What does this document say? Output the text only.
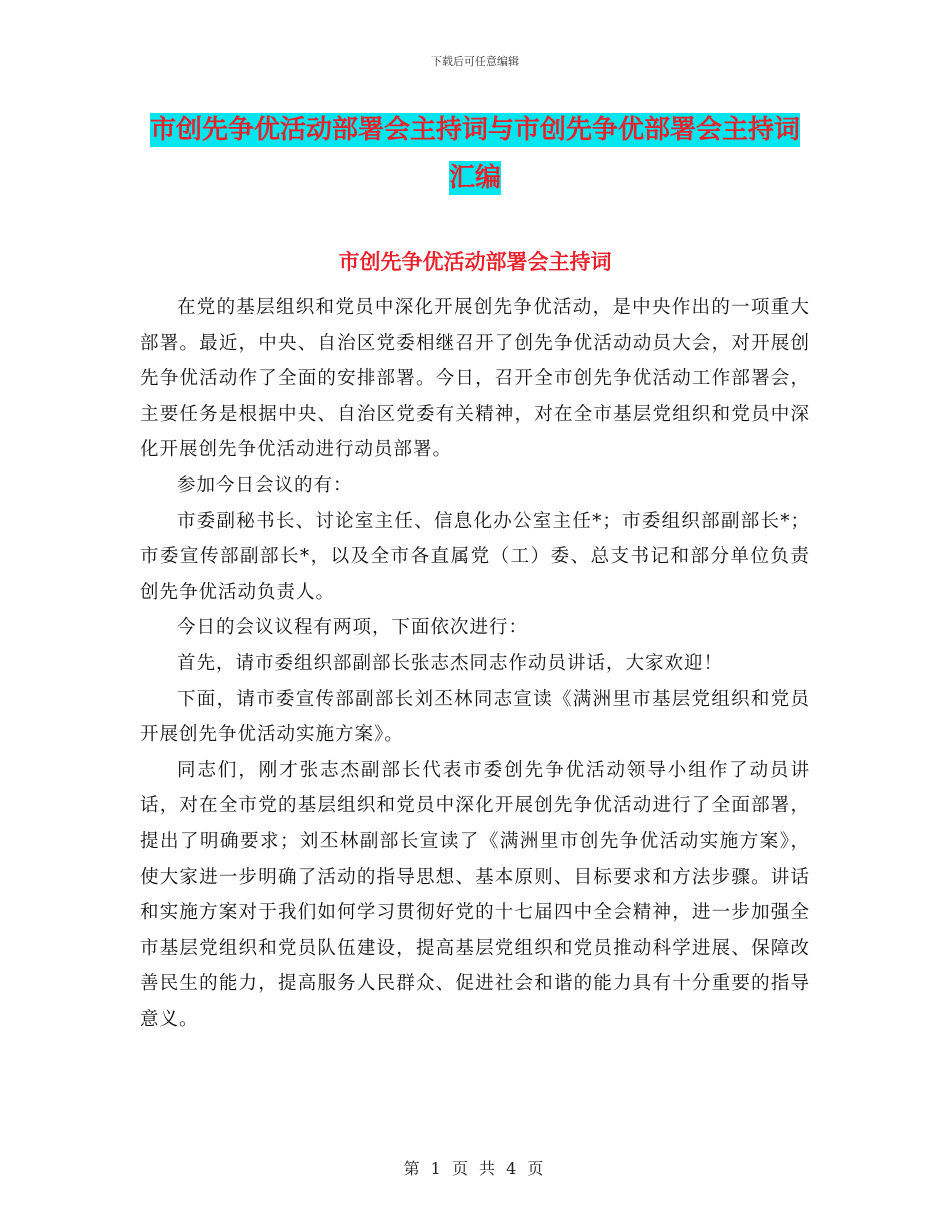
下载后可任意编辑
市创先争优活动部署会主持词与市创先争优部署会主持词汇编
市创先争优活动部署会主持词

在党的基层组织和党员中深化开展创先争优活动，是中央作出的一项重大部署。最近，中央、自治区党委相继召开了创先争优活动动员大会，对开展创先争优活动作了全面的安排部署。今日，召开全市创先争优活动工作部署会，主要任务是根据中央、自治区党委有关精神，对在全市基层党组织和党员中深化开展创先争优活动进行动员部署。

参加今日会议的有：

市委副秘书长、讨论室主任、信息化办公室主任*；市委组织部副部长*；市委宣传部副部长*，以及全市各直属党（工）委、总支书记和部分单位负责创先争优活动负责人。

今日的会议议程有两项，下面依次进行：

首先，请市委组织部副部长张志杰同志作动员讲话，大家欢迎！

下面，请市委宣传部副部长刘丕林同志宣读《满洲里市基层党组织和党员开展创先争优活动实施方案》。

同志们，刚才张志杰副部长代表市委创先争优活动领导小组作了动员讲话，对在全市党的基层组织和党员中深化开展创先争优活动进行了全面部署，提出了明确要求；刘丕林副部长宣读了《满洲里市创先争优活动实施方案》，使大家进一步明确了活动的指导思想、基本原则、目标要求和方法步骤。讲话和实施方案对于我们如何学习贯彻好党的十七届四中全会精神，进一步加强全市基层党组织和党员队伍建设，提高基层党组织和党员推动科学进展、保障改善民生的能力，提高服务人民群众、促进社会和谐的能力具有十分重要的指导意义。

第 1 页 共 4 页
